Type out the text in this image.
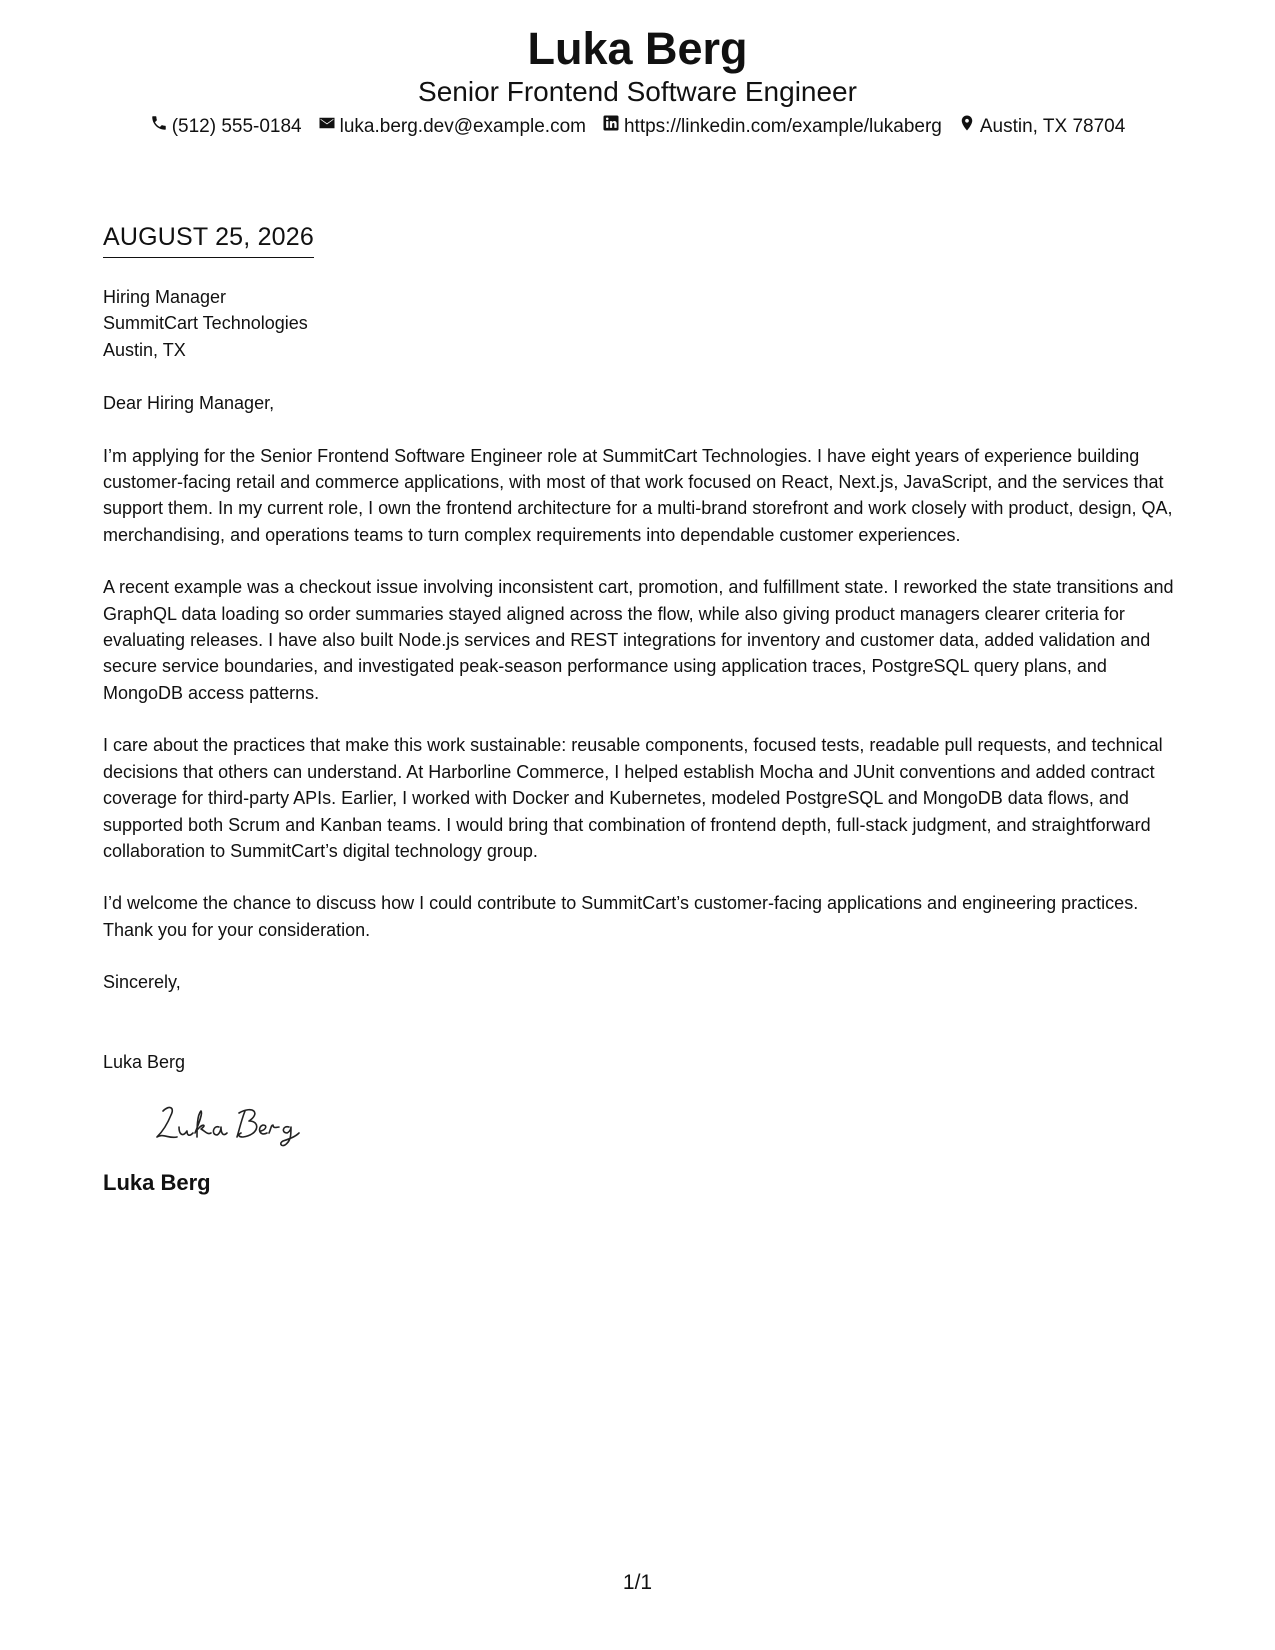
Luka Berg
Senior Frontend Software Engineer
(512) 555-0184 luka.berg.dev@example.com https://linkedin.com/example/lukaberg Austin, TX 78704
AUGUST 25, 2026
Hiring Manager
SummitCart Technologies
Austin, TX

Dear Hiring Manager,

I’m applying for the Senior Frontend Software Engineer role at SummitCart Technologies. I have eight years of experience building customer-facing retail and commerce applications, with most of that work focused on React, Next.js, JavaScript, and the services that support them. In my current role, I own the frontend architecture for a multi-brand storefront and work closely with product, design, QA, merchandising, and operations teams to turn complex requirements into dependable customer experiences.

A recent example was a checkout issue involving inconsistent cart, promotion, and fulfillment state. I reworked the state transitions and GraphQL data loading so order summaries stayed aligned across the flow, while also giving product managers clearer criteria for evaluating releases. I have also built Node.js services and REST integrations for inventory and customer data, added validation and secure service boundaries, and investigated peak-season performance using application traces, PostgreSQL query plans, and MongoDB access patterns.

I care about the practices that make this work sustainable: reusable components, focused tests, readable pull requests, and technical decisions that others can understand. At Harborline Commerce, I helped establish Mocha and JUnit conventions and added contract coverage for third-party APIs. Earlier, I worked with Docker and Kubernetes, modeled PostgreSQL and MongoDB data flows, and supported both Scrum and Kanban teams. I would bring that combination of frontend depth, full-stack judgment, and straightforward collaboration to SummitCart’s digital technology group.

I’d welcome the chance to discuss how I could contribute to SummitCart’s customer-facing applications and engineering practices. Thank you for your consideration.

Sincerely,

Luka Berg

Luka Berg
1/1
